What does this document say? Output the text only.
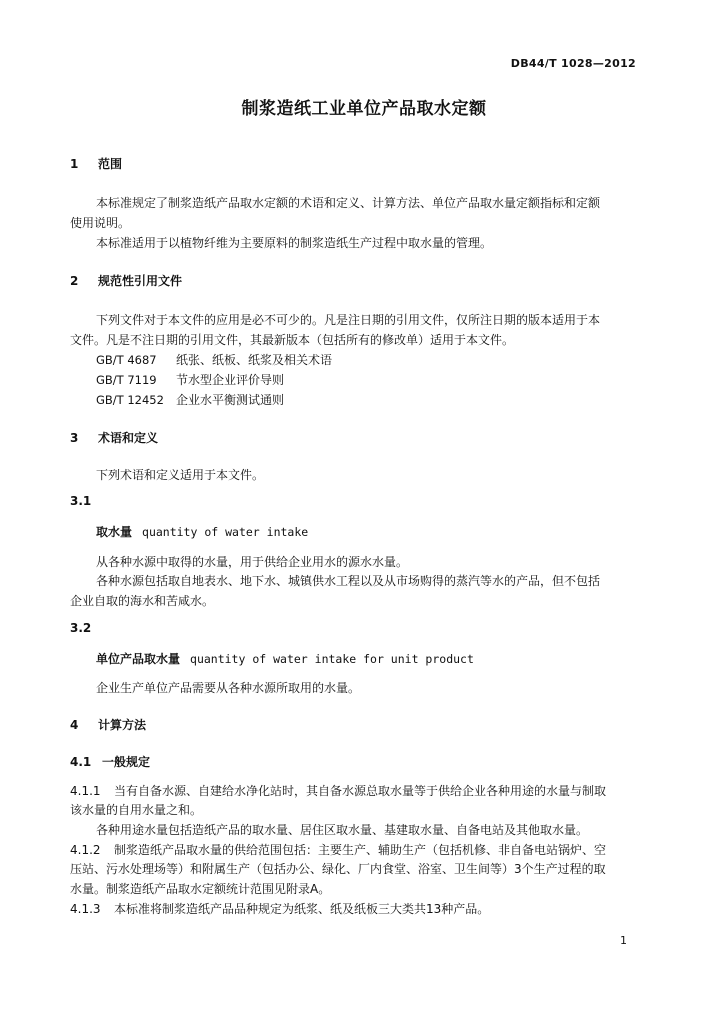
DB44/T 1028—2012
制浆造纸工业单位产品取水定额
1 范围
本标准规定了制浆造纸产品取水定额的术语和定义、计算方法、单位产品取水量定额指标和定额
使用说明。
本标准适用于以植物纤维为主要原料的制浆造纸生产过程中取水量的管理。
2 规范性引用文件
下列文件对于本文件的应用是必不可少的。凡是注日期的引用文件，仅所注日期的版本适用于本
文件。凡是不注日期的引用文件，其最新版本（包括所有的修改单）适用于本文件。
GB/T 4687 纸张、纸板、纸浆及相关术语
GB/T 7119 节水型企业评价导则
GB/T 12452 企业水平衡测试通则
3 术语和定义
下列术语和定义适用于本文件。
3.1
取水量 quantity of water intake
从各种水源中取得的水量，用于供给企业用水的源水水量。
各种水源包括取自地表水、地下水、城镇供水工程以及从市场购得的蒸汽等水的产品，但不包括
企业自取的海水和苦咸水。
3.2
单位产品取水量 quantity of water intake for unit product
企业生产单位产品需要从各种水源所取用的水量。
4 计算方法
4.1 一般规定
4.1.1 当有自备水源、自建给水净化站时，其自备水源总取水量等于供给企业各种用途的水量与制取
该水量的自用水量之和。
各种用途水量包括造纸产品的取水量、居住区取水量、基建取水量、自备电站及其他取水量。
4.1.2 制浆造纸产品取水量的供给范围包括：主要生产、辅助生产（包括机修、非自备电站锅炉、空
压站、污水处理场等）和附属生产（包括办公、绿化、厂内食堂、浴室、卫生间等）3个生产过程的取
水量。制浆造纸产品取水定额统计范围见附录A。
4.1.3 本标准将制浆造纸产品品种规定为纸浆、纸及纸板三大类共13种产品。
1
